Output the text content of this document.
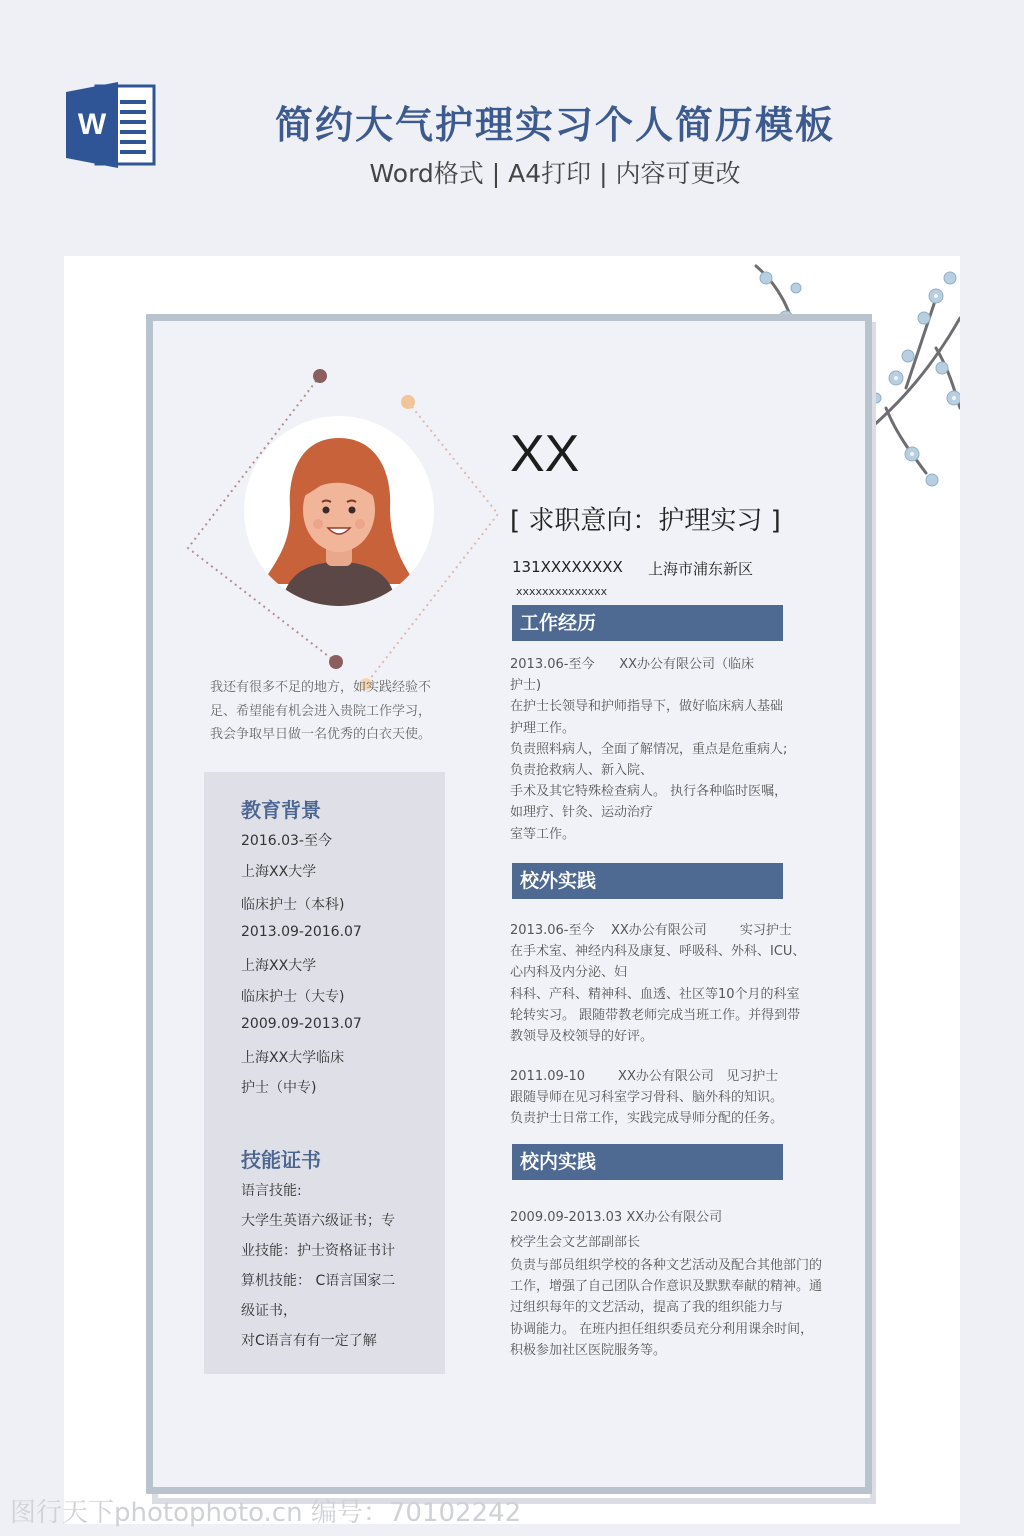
W	简约大气护理实习个人简历模板
Word格式 | A4打印 | 内容可更改
我还有很多不足的地方，如实践经验不
足、希望能有机会进入贵院工作学习，
我会争取早日做一名优秀的白衣天使。
教育背景
2016.03-至今
上海XX大学
临床护士（本科)
2013.09-2016.07
上海XX大学
临床护士（大专)
2009.09-2013.07
上海XX大学临床
护士（中专)
技能证书
语言技能:
大学生英语六级证书；专
业技能：护士资格证书计
算机技能： C语言国家二
级证书，
对C语言有有一定了解
XX
[ 求职意向：护理实习 ]
131XXXXXXXX 上海市浦东新区
xxxxxxxxxxxxxx
工作经历
2013.06-至今      XX办公有限公司（临床
护士)
在护士长领导和护师指导下，做好临床病人基础
护理工作。
负责照料病人，全面了解情况，重点是危重病人;
负责抢救病人、新入院、
手术及其它特殊检查病人。 执行各种临时医嘱，
如理疗、针灸、运动治疗
室等工作。
校外实践
2013.06-至今    XX办公有限公司        实习护士
在手术室、神经内科及康复、呼吸科、外科、ICU、
心内科及内分泌、妇
科科、产科、精神科、血透、社区等10个月的科室
轮转实习。 跟随带教老师完成当班工作。并得到带
教领导及校领导的好评。
2011.09-10        XX办公有限公司   见习护士
跟随导师在见习科室学习骨科、脑外科的知识。
负责护士日常工作，实践完成导师分配的任务。
校内实践
2009.09-2013.03 XX办公有限公司
校学生会文艺部副部长
负责与部员组织学校的各种文艺活动及配合其他部门的
工作，增强了自己团队合作意识及默默奉献的精神。通
过组织每年的文艺活动，提高了我的组织能力与
协调能力。 在班内担任组织委员充分利用课余时间，
积极参加社区医院服务等。
图行天下photophoto.cn 编号：70102242
